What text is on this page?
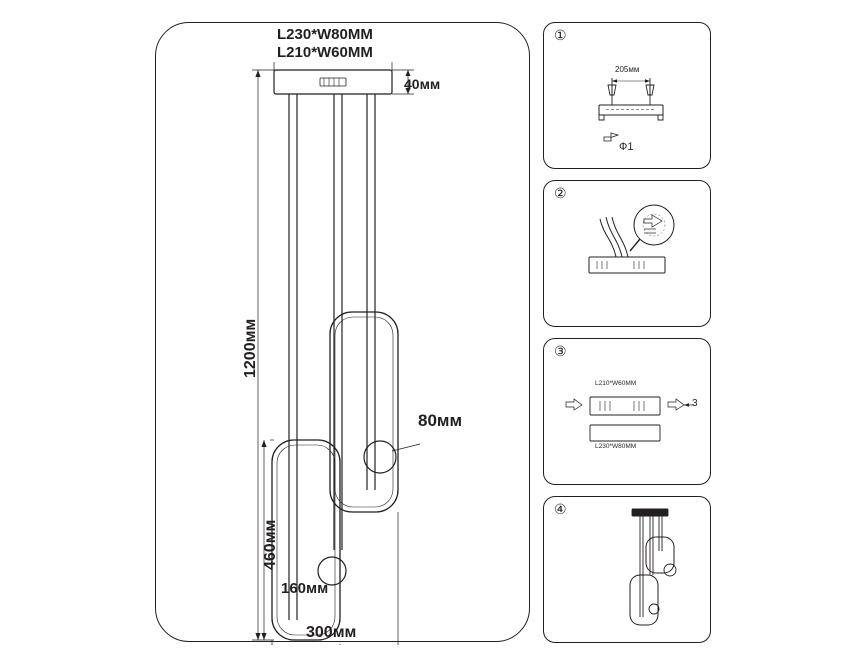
L230*W80MM
L210*W60MM
40мм
1200мм
460мм
80мм
160мм
300мм
①
205мм
Ф1
②
③
L210*W60MM
L230*W80MM
3
④
